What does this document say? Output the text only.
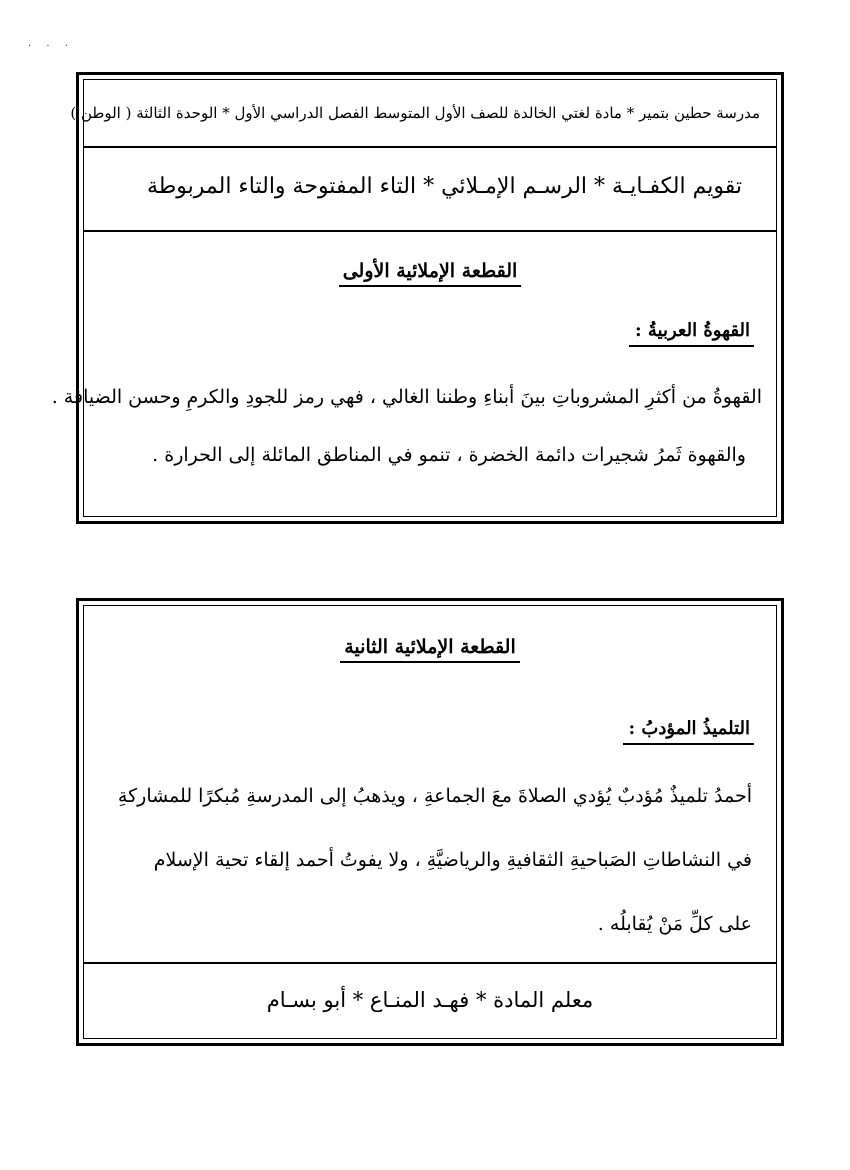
. . .
مدرسة حطين بتمير * مادة لغتي الخالدة للصف الأول المتوسط الفصل الدراسي الأول * الوحدة الثالثة ( الوطن )
تقويم الكفـايـة * الرسـم الإمـلائي * التاء المفتوحة والتاء المربوطة
القطعة الإملائية الأولى
القهوةُ العربيةُ :
القهوةُ من أكثرِ المشروباتِ بينَ أبناءِ وطننا الغالي ، فهي رمز للجودِ والكرمِ وحسن الضيافة .
والقهوة ثَمرُ شجيرات دائمة الخضرة ، تنمو في المناطق المائلة إلى الحرارة .
القطعة الإملائية الثانية
التلميذُ المؤدبُ :
أحمدُ تلميذٌ مُؤدبٌ يُؤدي الصلاةَ معَ الجماعةِ ، ويذهبُ إلى المدرسةِ مُبكرًا للمشاركةِ
في النشاطاتِ الصَباحيةِ الثقافيةِ والرياضيَّةِ ، ولا يفوتُ أحمد إلقاء تحية الإسلام
على كلِّ مَنْ يُقابلُه .
معلم المادة * فهـد المنـاع * أبو بسـام
